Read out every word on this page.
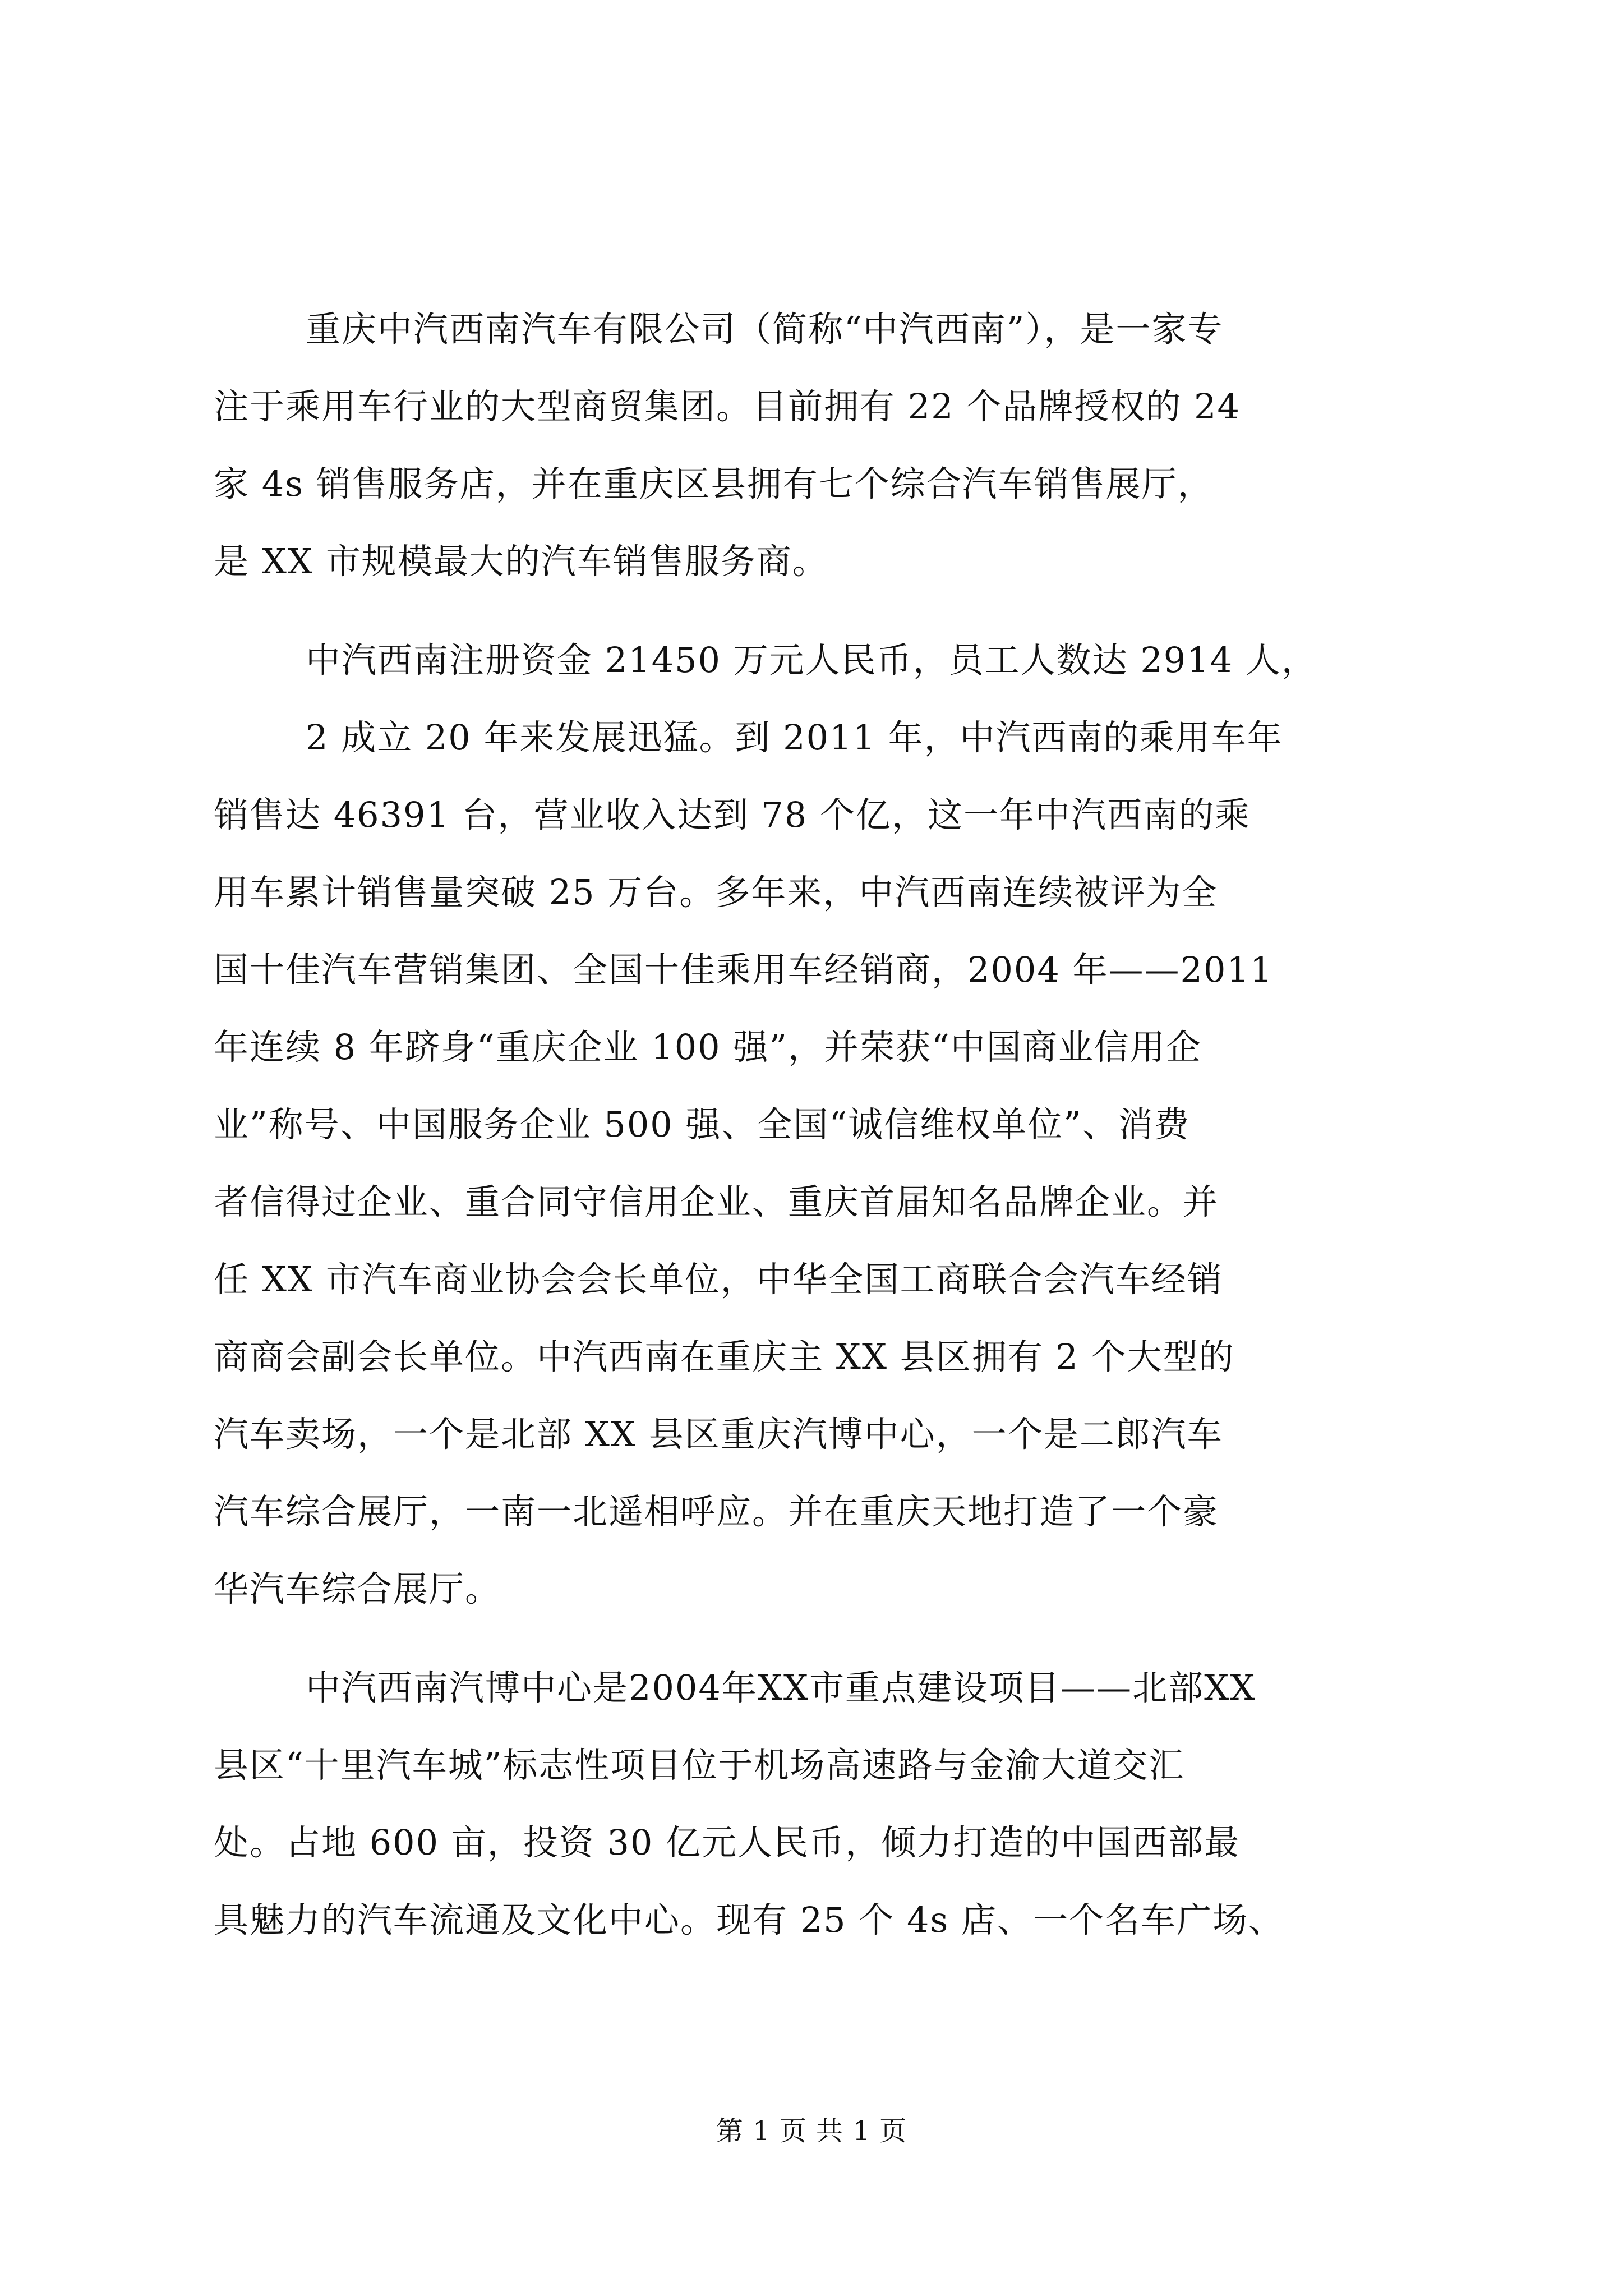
重庆中汽西南汽车有限公司（简称“中汽西南”），是一家专
注于乘用车行业的大型商贸集团。目前拥有 22 个品牌授权的 24
家 4s 销售服务店，并在重庆区县拥有七个综合汽车销售展厅，
是 XX 市规模最大的汽车销售服务商。
中汽西南注册资金 21450 万元人民币，员工人数达 2914 人，
2 成立 20 年来发展迅猛。到 2011 年，中汽西南的乘用车年
销售达 46391 台，营业收入达到 78 个亿，这一年中汽西南的乘
用车累计销售量突破 25 万台。多年来，中汽西南连续被评为全
国十佳汽车营销集团、全国十佳乘用车经销商，2004 年——2011
年连续 8 年跻身“重庆企业 100 强”，并荣获“中国商业信用企
业”称号、中国服务企业 500 强、全国“诚信维权单位”、消费
者信得过企业、重合同守信用企业、重庆首届知名品牌企业。并
任 XX 市汽车商业协会会长单位，中华全国工商联合会汽车经销
商商会副会长单位。中汽西南在重庆主 XX 县区拥有 2 个大型的
汽车卖场，一个是北部 XX 县区重庆汽博中心，一个是二郎汽车
汽车综合展厅，一南一北遥相呼应。并在重庆天地打造了一个豪
华汽车综合展厅。
中汽西南汽博中心是2004年XX市重点建设项目——北部XX
县区“十里汽车城”标志性项目位于机场高速路与金渝大道交汇
处。占地 600 亩，投资 30 亿元人民币，倾力打造的中国西部最
具魅力的汽车流通及文化中心。现有 25 个 4s 店、一个名车广场、
第 1 页 共 1 页
